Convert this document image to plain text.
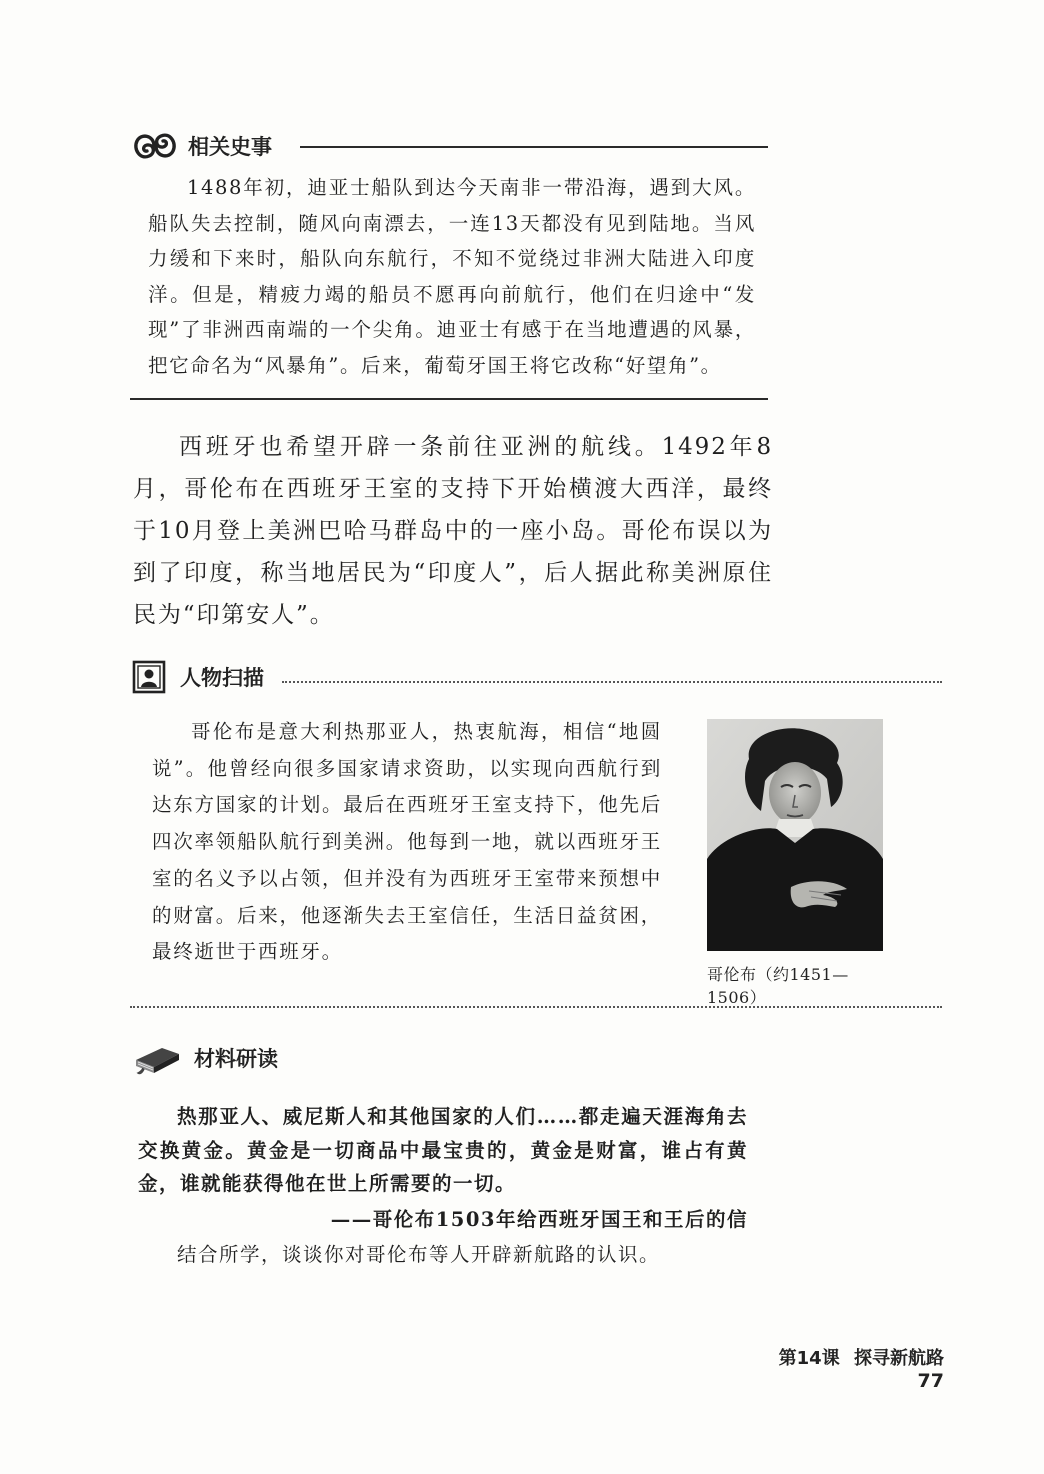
相关史事

1488年初，迪亚士船队到达今天南非一带沿海，遇到大风。船队失去控制，随风向南漂去，一连13天都没有见到陆地。当风力缓和下来时，船队向东航行，不知不觉绕过非洲大陆进入印度洋。但是，精疲力竭的船员不愿再向前航行，他们在归途中“发现”了非洲西南端的一个尖角。迪亚士有感于在当地遭遇的风暴，把它命名为“风暴角”。后来，葡萄牙国王将它改称“好望角”。

西班牙也希望开辟一条前往亚洲的航线。1492年8月，哥伦布在西班牙王室的支持下开始横渡大西洋，最终于10月登上美洲巴哈马群岛中的一座小岛。哥伦布误以为到了印度，称当地居民为“印度人”，后人据此称美洲原住民为“印第安人”。

人物扫描

哥伦布是意大利热那亚人，热衷航海，相信“地圆说”。他曾经向很多国家请求资助，以实现向西航行到达东方国家的计划。最后在西班牙王室支持下，他先后四次率领船队航行到美洲。他每到一地，就以西班牙王室的名义予以占领，但并没有为西班牙王室带来预想中的财富。后来，他逐渐失去王室信任，生活日益贫困，最终逝世于西班牙。

哥伦布（约1451—1506）
材料研读

热那亚人、威尼斯人和其他国家的人们……都走遍天涯海角去交换黄金。黄金是一切商品中最宝贵的，黄金是财富，谁占有黄金，谁就能获得他在世上所需要的一切。

——哥伦布1503年给西班牙国王和王后的信

结合所学，谈谈你对哥伦布等人开辟新航路的认识。

第14课 探寻新航路 77
